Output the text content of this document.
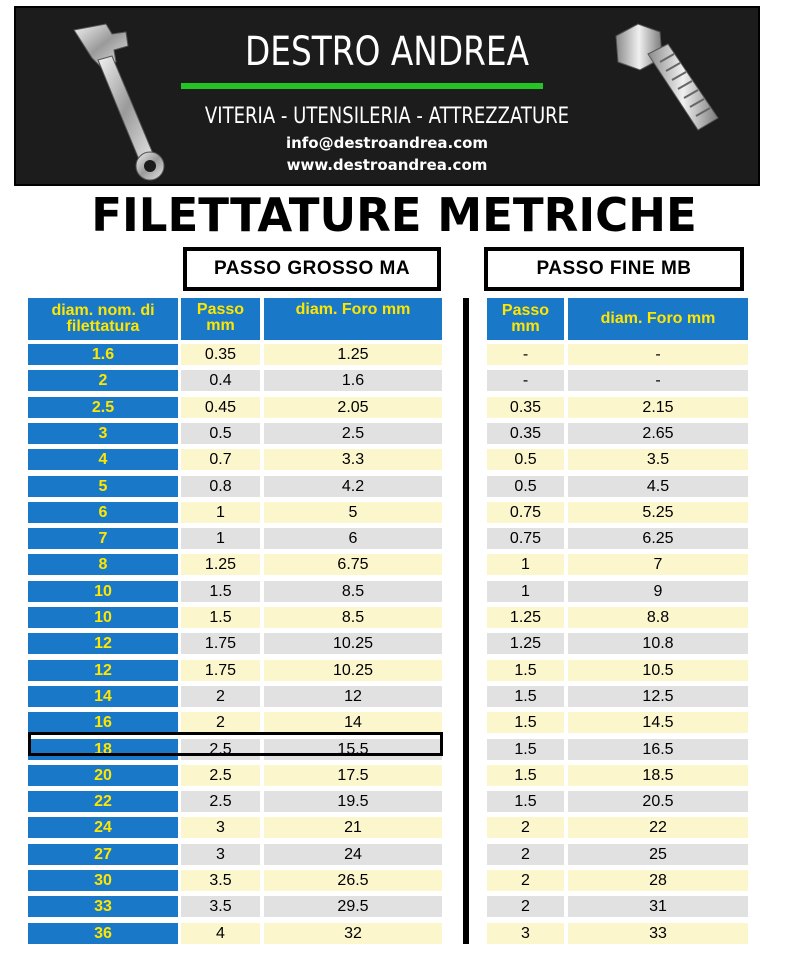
DESTRO ANDREA
VITERIA - UTENSILERIA - ATTREZZATURE
info@destroandrea.com
www.destroandrea.com
FILETTATURE METRICHE
PASSO GROSSO MA	PASSO FINE MB
diam. nom. di filettatura
Passo mm
diam. Foro mm	Passo mm	diam. Foro mm
1.6	0.35	1.25	-	-
2	0.4	1.6	-	-
2.5	0.45	2.05	0.35	2.15
3	0.5	2.5	0.35	2.65
4	0.7	3.3	0.5	3.5
5	0.8	4.2	0.5	4.5
6	1	5	0.75	5.25
7	1	6	0.75	6.25
8	1.25	6.75	1	7
10	1.5	8.5	1	9
10	1.5	8.5	1.25	8.8
12	1.75	10.25	1.25	10.8
12	1.75	10.25	1.5	10.5
14	2	12	1.5	12.5
16	2	14	1.5	14.5
18	2.5	15.5	1.5	16.5
20	2.5	17.5	1.5	18.5
22	2.5	19.5	1.5	20.5
24	3	21	2	22
27	3	24	2	25
30	3.5	26.5	2	28
33	3.5	29.5	2	31
36	4	32	3	33
